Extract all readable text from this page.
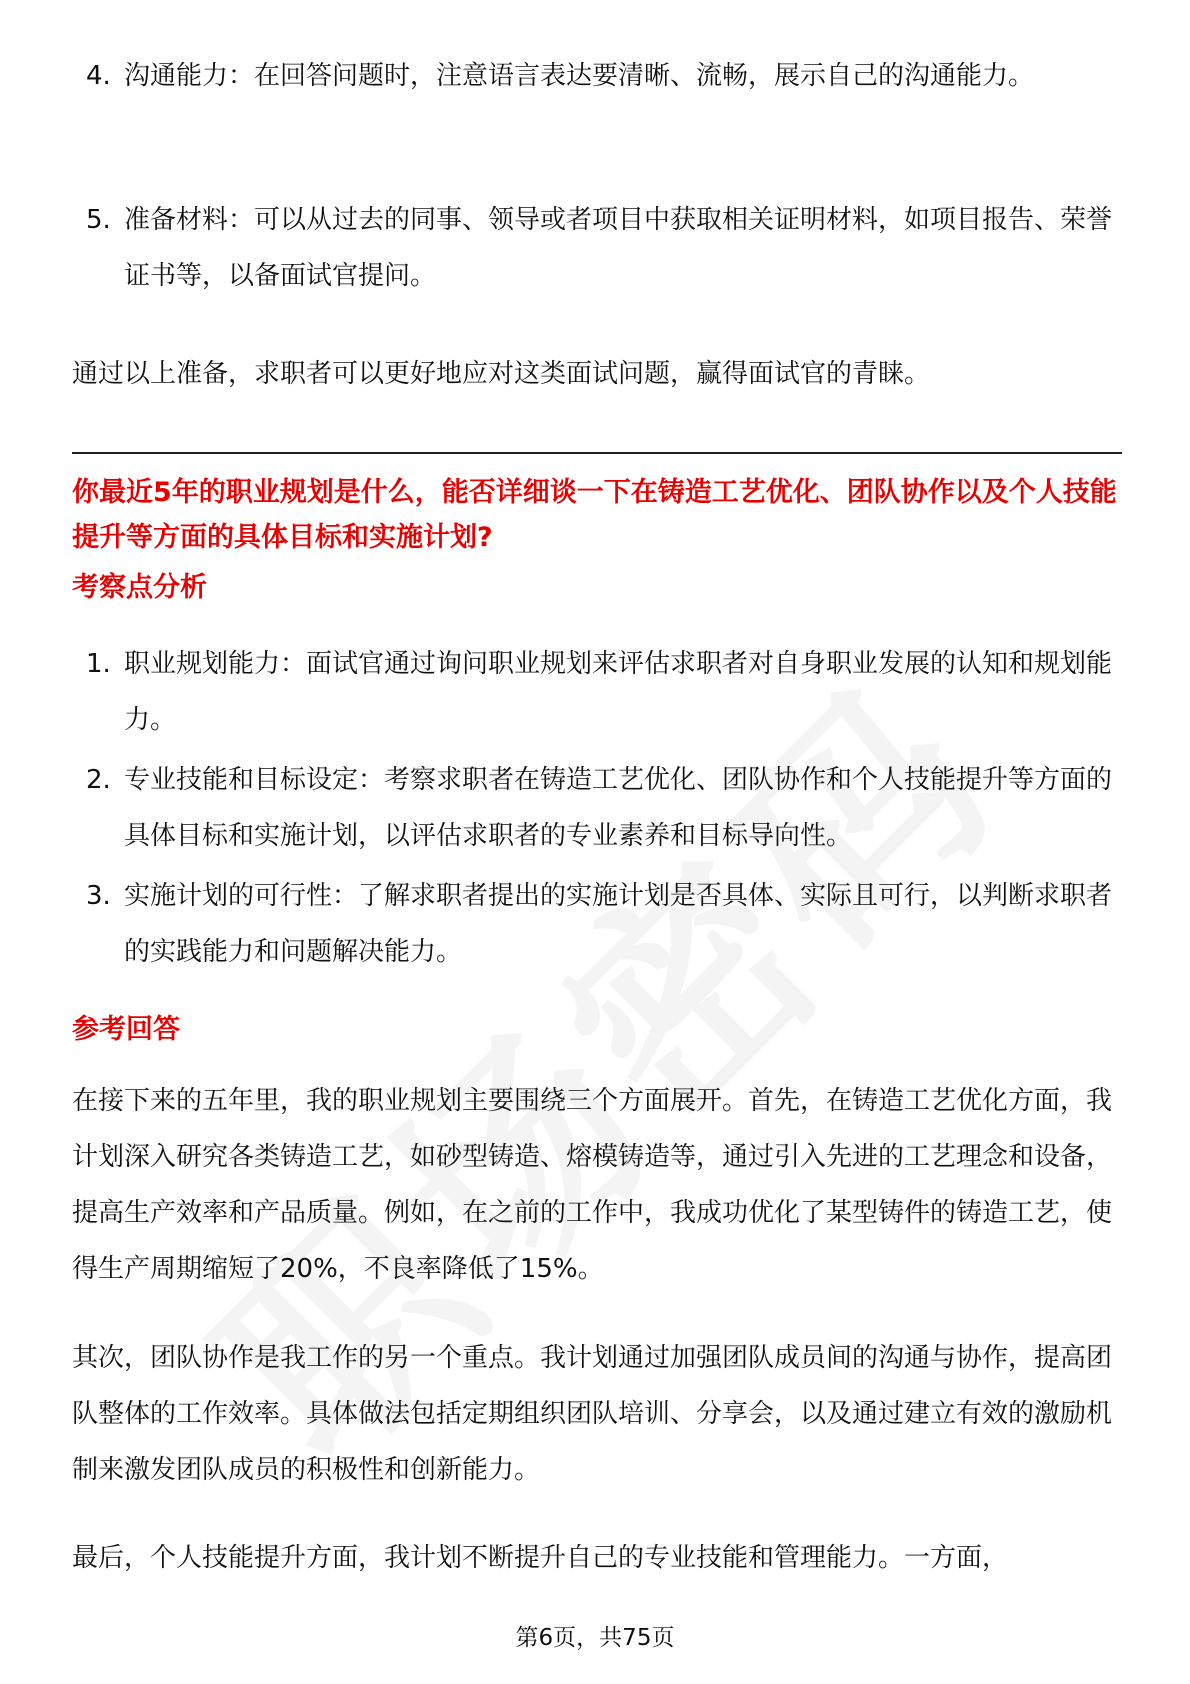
4. 沟通能力：在回答问题时，注意语言表达要清晰、流畅，展示自己的沟通能力。
5. 准备材料：可以从过去的同事、领导或者项目中获取相关证明材料，如项目报告、荣誉证书等，以备面试官提问。
通过以上准备，求职者可以更好地应对这类面试问题，赢得面试官的青睐。
你最近5年的职业规划是什么，能否详细谈一下在铸造工艺优化、团队协作以及个人技能提升等方面的具体目标和实施计划?
考察点分析
1. 职业规划能力：面试官通过询问职业规划来评估求职者对自身职业发展的认知和规划能力。
2. 专业技能和目标设定：考察求职者在铸造工艺优化、团队协作和个人技能提升等方面的具体目标和实施计划，以评估求职者的专业素养和目标导向性。
3. 实施计划的可行性：了解求职者提出的实施计划是否具体、实际且可行，以判断求职者的实践能力和问题解决能力。
参考回答
在接下来的五年里，我的职业规划主要围绕三个方面展开。首先，在铸造工艺优化方面，我计划深入研究各类铸造工艺，如砂型铸造、熔模铸造等，通过引入先进的工艺理念和设备，提高生产效率和产品质量。例如，在之前的工作中，我成功优化了某型铸件的铸造工艺，使得生产周期缩短了20%，不良率降低了15%。
其次，团队协作是我工作的另一个重点。我计划通过加强团队成员间的沟通与协作，提高团队整体的工作效率。具体做法包括定期组织团队培训、分享会，以及通过建立有效的激励机制来激发团队成员的积极性和创新能力。
最后，个人技能提升方面，我计划不断提升自己的专业技能和管理能力。一方面，
第6页，共75页
